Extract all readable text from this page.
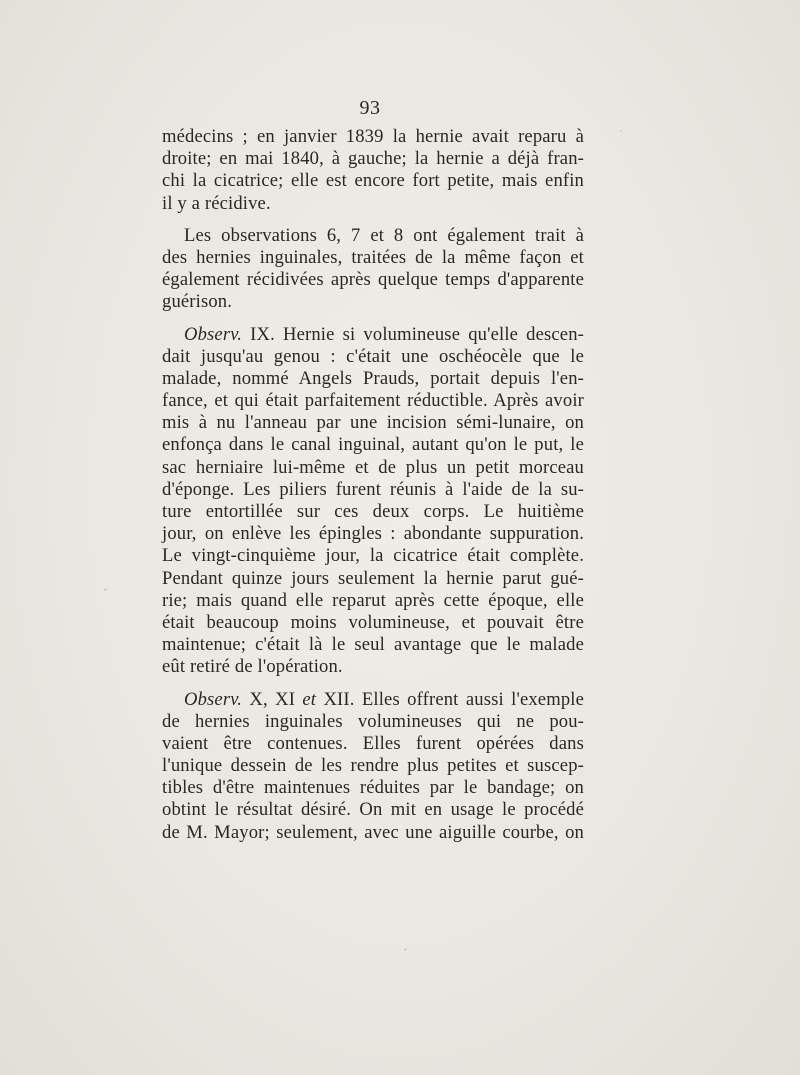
93
médecins ; en janvier 1839 la hernie avait reparu à
droite; en mai 1840, à gauche; la hernie a déjà fran-
chi la cicatrice; elle est encore fort petite, mais enfin
il y a récidive.
Les observations 6, 7 et 8 ont également trait à
des hernies inguinales, traitées de la même façon et
également récidivées après quelque temps d'apparente
guérison.
Observ. IX. Hernie si volumineuse qu'elle descen-
dait jusqu'au genou : c'était une oschéocèle que le
malade, nommé Angels Prauds, portait depuis l'en-
fance, et qui était parfaitement réductible. Après avoir
mis à nu l'anneau par une incision sémi-lunaire, on
enfonça dans le canal inguinal, autant qu'on le put, le
sac herniaire lui-même et de plus un petit morceau
d'éponge. Les piliers furent réunis à l'aide de la su-
ture entortillée sur ces deux corps. Le huitième
jour, on enlève les épingles : abondante suppuration.
Le vingt-cinquième jour, la cicatrice était complète.
Pendant quinze jours seulement la hernie parut gué-
rie; mais quand elle reparut après cette époque, elle
était beaucoup moins volumineuse, et pouvait être
maintenue; c'était là le seul avantage que le malade
eût retiré de l'opération.
Observ. X, XI et XII. Elles offrent aussi l'exemple
de hernies inguinales volumineuses qui ne pou-
vaient être contenues. Elles furent opérées dans
l'unique dessein de les rendre plus petites et suscep-
tibles d'être maintenues réduites par le bandage; on
obtint le résultat désiré. On mit en usage le procédé
de M. Mayor; seulement, avec une aiguille courbe, on
